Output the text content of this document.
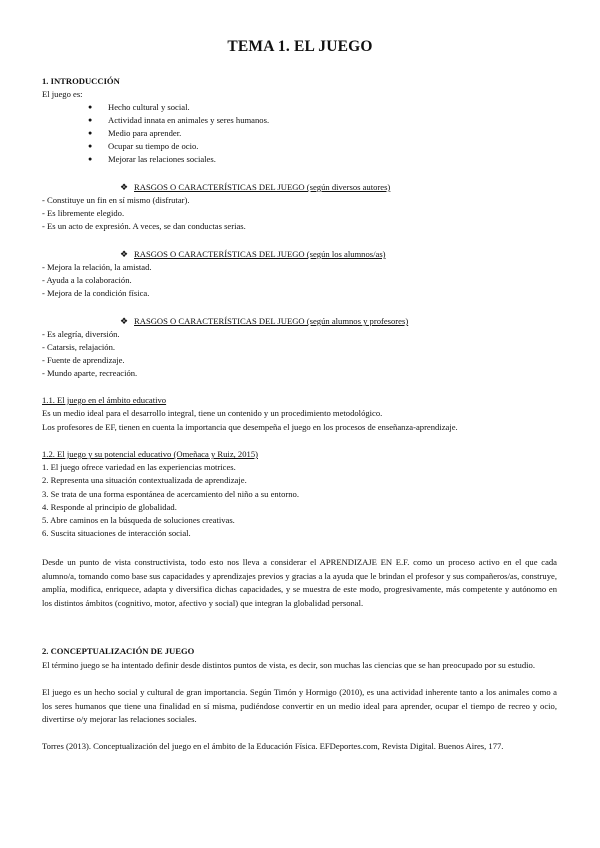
TEMA 1. EL JUEGO
1. INTRODUCCIÓN
El juego es:
● Hecho cultural y social.
● Actividad innata en animales y seres humanos.
● Medio para aprender.
● Ocupar su tiempo de ocio.
● Mejorar las relaciones sociales.
❖ RASGOS O CARACTERÍSTICAS DEL JUEGO (según diversos autores)
- Constituye un fin en sí mismo (disfrutar).
- Es libremente elegido.
- Es un acto de expresión. A veces, se dan conductas serias.
❖ RASGOS O CARACTERÍSTICAS DEL JUEGO (según los alumnos/as)
- Mejora la relación, la amistad.
- Ayuda a la colaboración.
- Mejora de la condición física.
❖ RASGOS O CARACTERÍSTICAS DEL JUEGO (según alumnos y profesores)
- Es alegría, diversión.
- Catarsis, relajación.
- Fuente de aprendizaje.
- Mundo aparte, recreación.
1.1. El juego en el ámbito educativo
Es un medio ideal para el desarrollo integral, tiene un contenido y un procedimiento metodológico.
Los profesores de EF, tienen en cuenta la importancia que desempeña el juego en los procesos de enseñanza-aprendizaje.
1.2. El juego y su potencial educativo (Omeñaca y Ruiz, 2015)
1. El juego ofrece variedad en las experiencias motrices.
2. Representa una situación contextualizada de aprendizaje.
3. Se trata de una forma espontánea de acercamiento del niño a su entorno.
4. Responde al principio de globalidad.
5. Abre caminos en la búsqueda de soluciones creativas.
6. Suscita situaciones de interacción social.
Desde un punto de vista constructivista, todo esto nos lleva a considerar el APRENDIZAJE EN E.F. como un proceso activo en el que cada alumno/a, tomando como base sus capacidades y aprendizajes previos y gracias a la ayuda que le brindan el profesor y sus compañeros/as, construye, amplía, modifica, enriquece, adapta y diversifica dichas capacidades, y se muestra de este modo, progresivamente, más competente y autónomo en los distintos ámbitos (cognitivo, motor, afectivo y social) que integran la globalidad personal.
2. CONCEPTUALIZACIÓN DE JUEGO
El término juego se ha intentado definir desde distintos puntos de vista, es decir, son muchas las ciencias que se han preocupado por su estudio.
El juego es un hecho social y cultural de gran importancia. Según Timón y Hormigo (2010), es una actividad inherente tanto a los animales como a los seres humanos que tiene una finalidad en sí misma, pudiéndose convertir en un medio ideal para aprender, ocupar el tiempo de recreo y ocio, divertirse o/y mejorar las relaciones sociales.
Torres (2013). Conceptualización del juego en el ámbito de la Educación Física. EFDeportes.com, Revista Digital. Buenos Aires, 177.
